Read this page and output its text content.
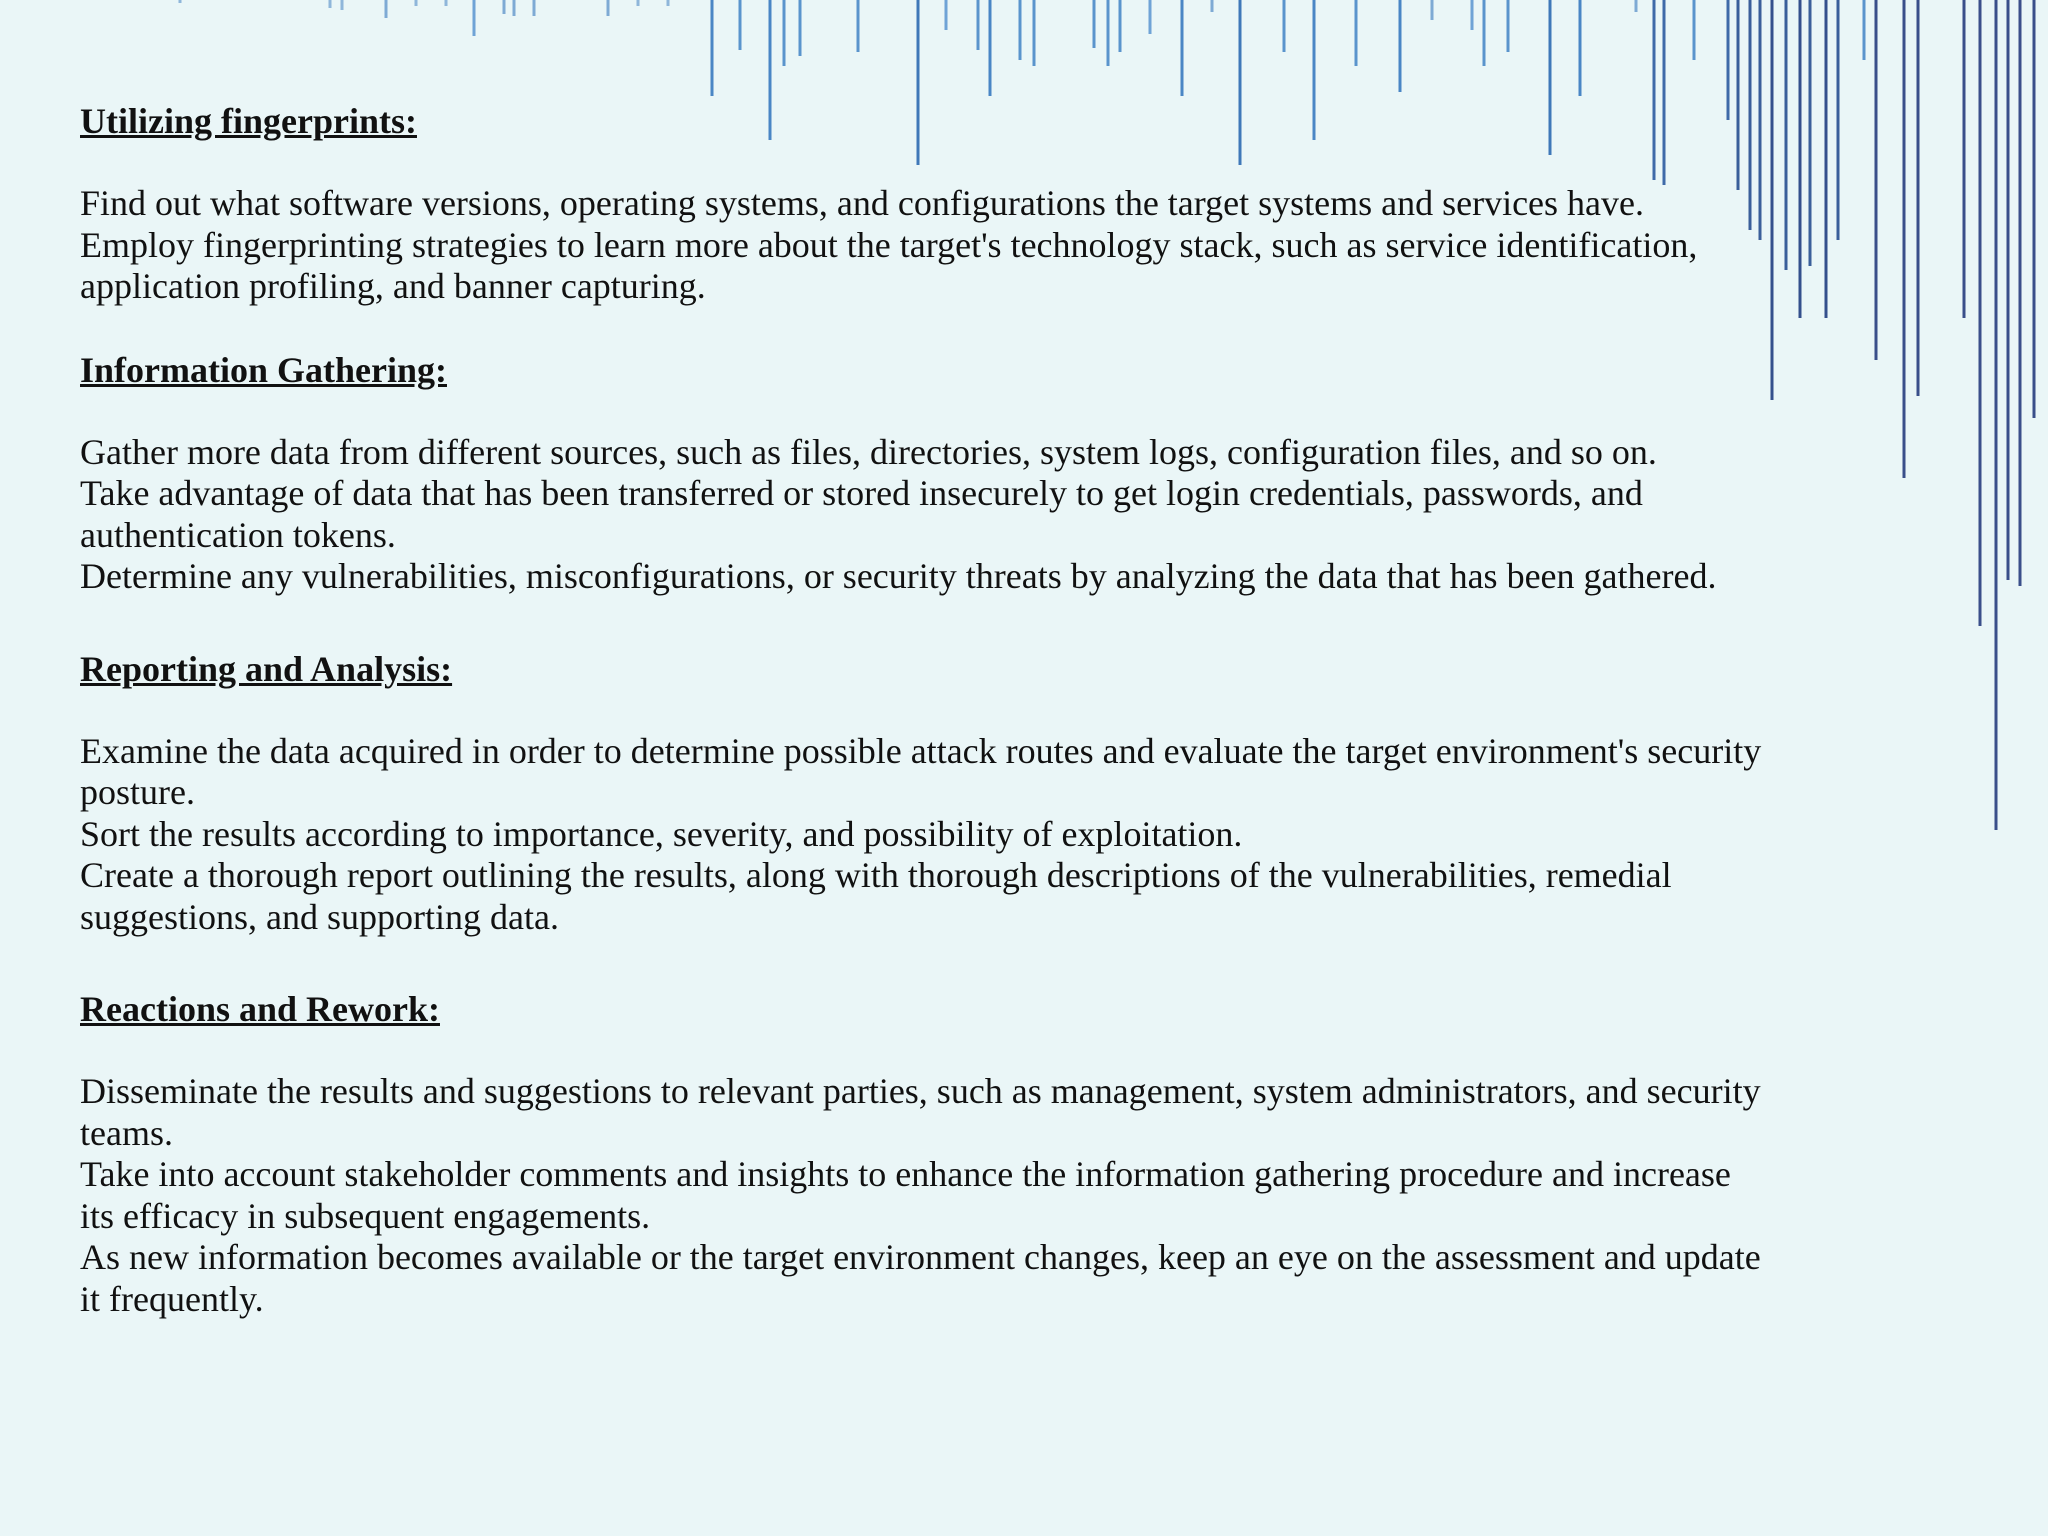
Utilizing fingerprints:

Find out what software versions, operating systems, and configurations the target systems and services have.

Employ fingerprinting strategies to learn more about the target's technology stack, such as service identification,

application profiling, and banner capturing.

Information Gathering:

Gather more data from different sources, such as files, directories, system logs, configuration files, and so on.

Take advantage of data that has been transferred or stored insecurely to get login credentials, passwords, and

authentication tokens.

Determine any vulnerabilities, misconfigurations, or security threats by analyzing the data that has been gathered.

Reporting and Analysis:

Examine the data acquired in order to determine possible attack routes and evaluate the target environment's security

posture.

Sort the results according to importance, severity, and possibility of exploitation.

Create a thorough report outlining the results, along with thorough descriptions of the vulnerabilities, remedial

suggestions, and supporting data.

Reactions and Rework:

Disseminate the results and suggestions to relevant parties, such as management, system administrators, and security

teams.

Take into account stakeholder comments and insights to enhance the information gathering procedure and increase

its efficacy in subsequent engagements.

As new information becomes available or the target environment changes, keep an eye on the assessment and update

it frequently.
